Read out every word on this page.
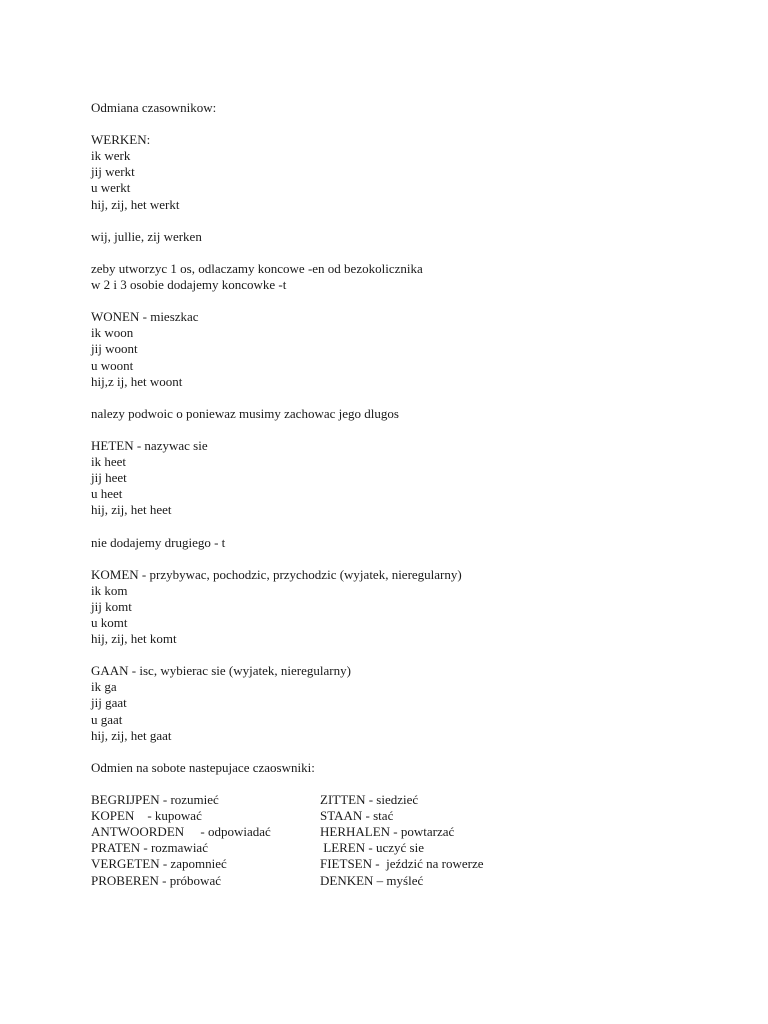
Odmiana czasownikow:
WERKEN:
ik werk
jij werkt
u werkt
hij, zij, het werkt
wij, jullie, zij werken
zeby utworzyc 1 os, odlaczamy koncowe -en od bezokolicznika
w 2 i 3 osobie dodajemy koncowke -t
WONEN - mieszkac
ik woon
jij woont
u woont
hij,z ij, het woont
nalezy podwoic o poniewaz musimy zachowac jego dlugos
HETEN - nazywac sie
ik heet
jij heet
u heet
hij, zij, het heet
nie dodajemy drugiego - t
KOMEN - przybywac, pochodzic, przychodzic (wyjatek, nieregularny)
ik kom
jij komt
u komt
hij, zij, het komt
GAAN - isc, wybierac sie (wyjatek, nieregularny)
ik ga
jij gaat
u gaat
hij, zij, het gaat
Odmien na sobote nastepujace czaoswniki:
BEGRIJPEN - rozumieć
KOPEN    - kupować
ANTWOORDEN     - odpowiadać
PRATEN - rozmawiać
VERGETEN - zapomnieć
PROBEREN - próbować
ZITTEN - siedzieć
STAAN - stać
HERHALEN - powtarzać
LEREN - uczyć sie
FIETSEN -  jeździć na rowerze
DENKEN – myśleć
